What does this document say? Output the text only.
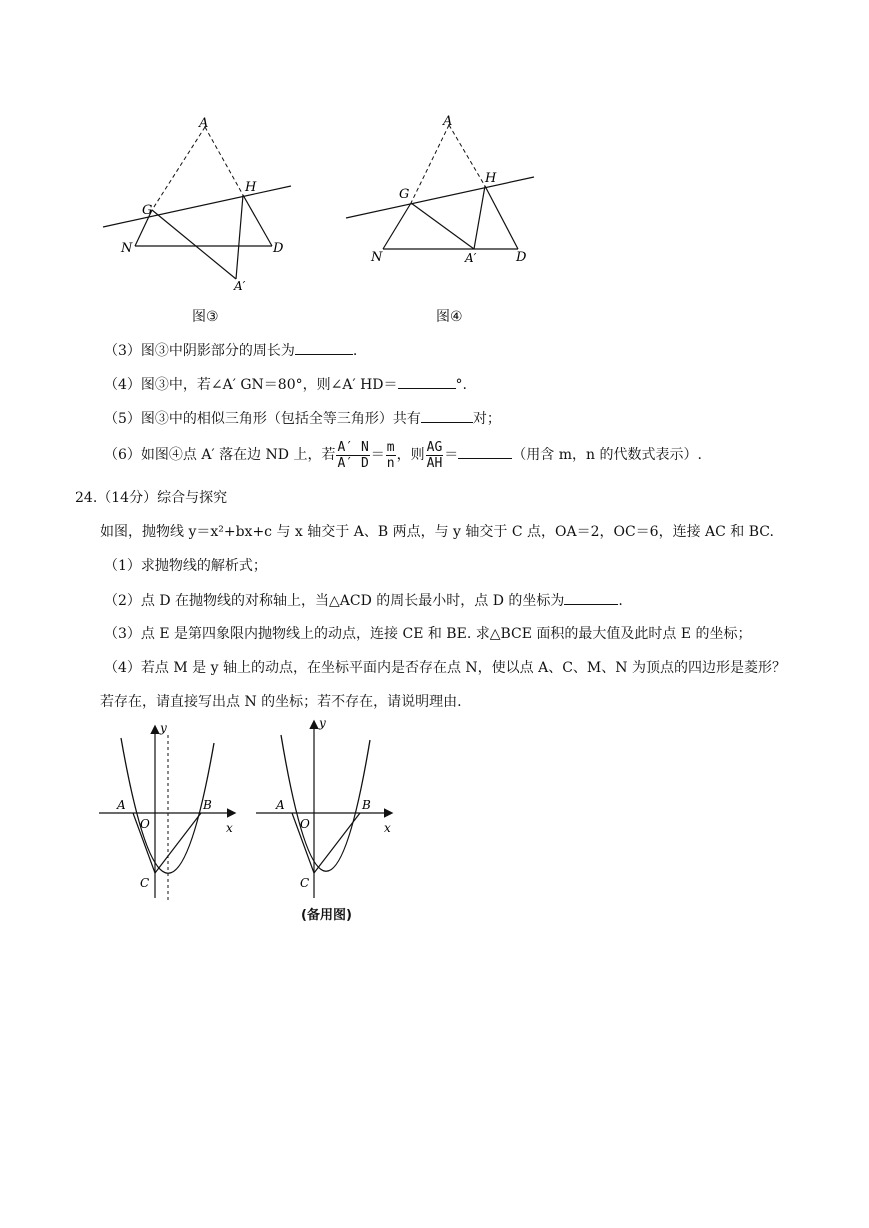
A
H
G
N	D
A′
图③
A
H
G
N	A′	D
图④
（3）图③中阴影部分的周长为	.
（4）图③中，若∠A′ GN＝80°，则∠A′ HD＝	°.
（5）图③中的相似三角形（包括全等三角形）共有	对；
（6）如图④点 A′ 落在边 ND 上，若 $\frac{A' N}{A' D} = \frac{m}{n}$ ，则 $\frac{AG}{AH}$ ＝	（用含 m，n 的代数式表示）.
24.（14分）综合与探究
如图，抛物线 y＝x²+bx+c 与 x 轴交于 A、B 两点，与 y 轴交于 C 点，OA＝2，OC＝6，连接 AC 和 BC.
（1）求抛物线的解析式；
（2）点 D 在抛物线的对称轴上，当△ACD 的周长最小时，点 D 的坐标为	.
（3）点 E 是第四象限内抛物线上的动点，连接 CE 和 BE. 求△BCE 面积的最大值及此时点 E 的坐标；
（4）若点 M 是 y 轴上的动点，在坐标平面内是否存在点 N，使以点 A、C、M、N 为顶点的四边形是菱形？
若存在，请直接写出点 N 的坐标；若不存在，请说明理由.
y
x
A	B
O
C
y
x
A	B
O
C
(备用图)
